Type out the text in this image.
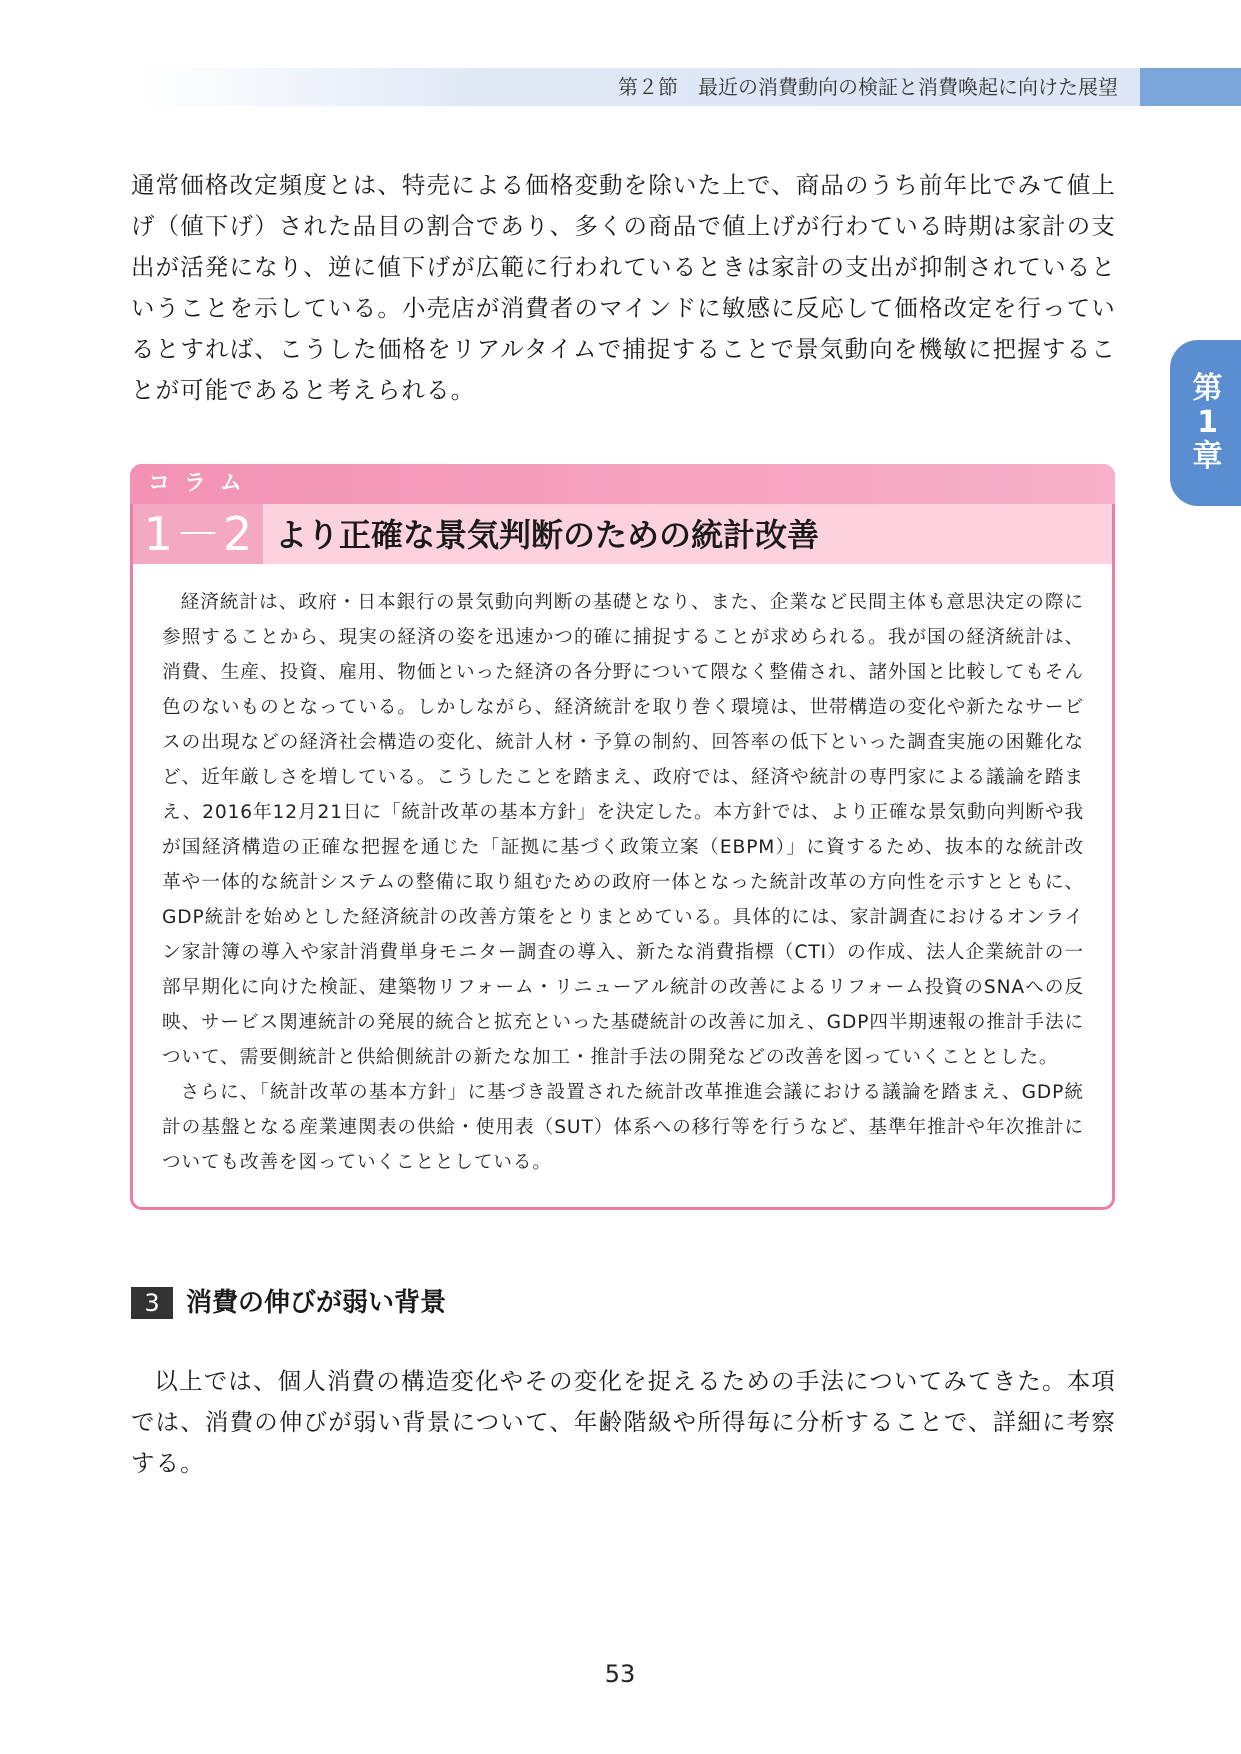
第２節　最近の消費動向の検証と消費喚起に向けた展望
第
1
章

通常価格改定頻度とは、特売による価格変動を除いた上で、商品のうち前年比でみて値上げ（値下げ）された品目の割合であり、多くの商品で値上げが行わている時期は家計の支出が活発になり、逆に値下げが広範に行われているときは家計の支出が抑制されているということを示している。小売店が消費者のマインドに敏感に反応して価格改定を行っているとすれば、こうした価格をリアルタイムで捕捉することで景気動向を機敏に把握することが可能であると考えられる。

コラム
1－2 より正確な景気判断のための統計改善

経済統計は、政府・日本銀行の景気動向判断の基礎となり、また、企業など民間主体も意思決定の際に参照することから、現実の経済の姿を迅速かつ的確に捕捉することが求められる。我が国の経済統計は、消費、生産、投資、雇用、物価といった経済の各分野について隈なく整備され、諸外国と比較してもそん色のないものとなっている。しかしながら、経済統計を取り巻く環境は、世帯構造の変化や新たなサービスの出現などの経済社会構造の変化、統計人材・予算の制約、回答率の低下といった調査実施の困難化など、近年厳しさを増している。こうしたことを踏まえ、政府では、経済や統計の専門家による議論を踏まえ、2016年12月21日に「統計改革の基本方針」を決定した。本方針では、より正確な景気動向判断や我が国経済構造の正確な把握を通じた「証拠に基づく政策立案（EBPM）」に資するため、抜本的な統計改革や一体的な統計システムの整備に取り組むための政府一体となった統計改革の方向性を示すとともに、GDP統計を始めとした経済統計の改善方策をとりまとめている。具体的には、家計調査におけるオンライン家計簿の導入や家計消費単身モニター調査の導入、新たな消費指標（CTI）の作成、法人企業統計の一部早期化に向けた検証、建築物リフォーム・リニューアル統計の改善によるリフォーム投資のSNAへの反映、サービス関連統計の発展的統合と拡充といった基礎統計の改善に加え、GDP四半期速報の推計手法について、需要側統計と供給側統計の新たな加工・推計手法の開発などの改善を図っていくこととした。

さらに、「統計改革の基本方針」に基づき設置された統計改革推進会議における議論を踏まえ、GDP統計の基盤となる産業連関表の供給・使用表（SUT）体系への移行等を行うなど、基準年推計や年次推計についても改善を図っていくこととしている。

3	消費の伸びが弱い背景

以上では、個人消費の構造変化やその変化を捉えるための手法についてみてきた。本項では、消費の伸びが弱い背景について、年齢階級や所得毎に分析することで、詳細に考察する。

53
